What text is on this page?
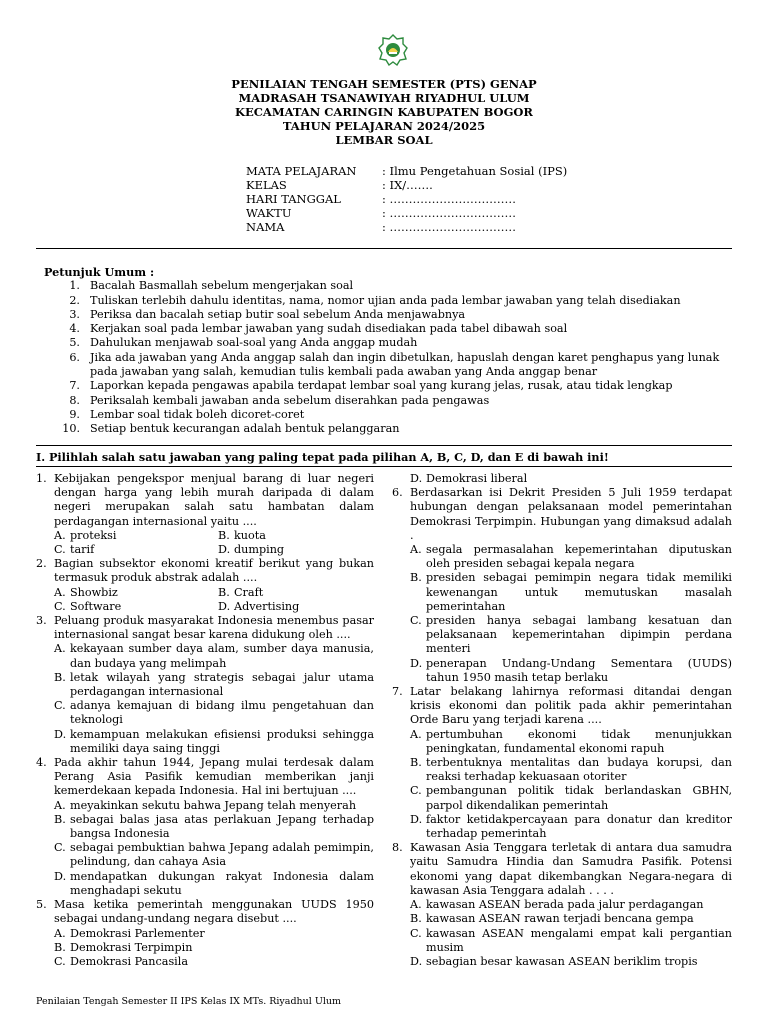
PENILAIAN TENGAH SEMESTER (PTS) GENAP
MADRASAH TSANAWIYAH RIYADHUL ULUM
KECAMATAN CARINGIN KABUPATEN BOGOR
TAHUN PELAJARAN 2024/2025
LEMBAR SOAL
MATA PELAJARAN	: Ilmu Pengetahuan Sosial (IPS)
KELAS	: IX/…….
HARI TANGGAL	: ……………………………
WAKTU	: ……………………………
NAMA	: ……………………………
Petunjuk Umum :
1. Bacalah Basmallah sebelum mengerjakan soal
2. Tuliskan terlebih dahulu identitas, nama, nomor ujian anda pada lembar jawaban yang telah disediakan
3. Periksa dan bacalah setiap butir soal sebelum Anda menjawabnya
4. Kerjakan soal pada lembar jawaban yang sudah disediakan pada tabel dibawah soal
5. Dahulukan menjawab soal-soal yang Anda anggap mudah
6. Jika ada jawaban yang Anda anggap salah dan ingin dibetulkan, hapuslah dengan karet penghapus yang lunak pada jawaban yang salah, kemudian tulis kembali pada awaban yang Anda anggap benar
7. Laporkan kepada pengawas apabila terdapat lembar soal yang kurang jelas, rusak, atau tidak lengkap
8. Periksalah kembali jawaban anda sebelum diserahkan pada pengawas
9. Lembar soal tidak boleh dicoret-coret
10. Setiap bentuk kecurangan adalah bentuk pelanggaran
I. Pilihlah salah satu jawaban yang paling tepat pada pilihan A, B, C, D, dan E di bawah ini!
1. Kebijakan pengekspor menjual barang di luar negeri dengan harga yang lebih murah daripada di dalam negeri merupakan salah satu hambatan dalam perdagangan internasional yaitu ....
A. proteksi	B. kuota
C. tarif	D. dumping
2. Bagian subsektor ekonomi kreatif berikut yang bukan termasuk produk abstrak adalah ....
A. Showbiz	B. Craft
C. Software	D. Advertising
3. Peluang produk masyarakat Indonesia menembus pasar internasional sangat besar karena didukung oleh ....
A. kekayaan sumber daya alam, sumber daya manusia, dan budaya yang melimpah
B. letak wilayah yang strategis sebagai jalur utama perdagangan internasional
C. adanya kemajuan di bidang ilmu pengetahuan dan teknologi
D. kemampuan melakukan efisiensi produksi sehingga memiliki daya saing tinggi
4. Pada akhir tahun 1944, Jepang mulai terdesak dalam Perang Asia Pasifik kemudian memberikan janji kemerdekaan kepada Indonesia. Hal ini bertujuan ....
A. meyakinkan sekutu bahwa Jepang telah menyerah
B. sebagai balas jasa atas perlakuan Jepang terhadap bangsa Indonesia
C. sebagai pembuktian bahwa Jepang adalah pemimpin, pelindung, dan cahaya Asia
D. mendapatkan dukungan rakyat Indonesia dalam menghadapi sekutu
5. Masa ketika pemerintah menggunakan UUDS 1950 sebagai undang-undang negara disebut ....
A. Demokrasi Parlementer
B. Demokrasi Terpimpin
C. Demokrasi Pancasila
D. Demokrasi liberal
6. Berdasarkan isi Dekrit Presiden 5 Juli 1959 terdapat hubungan dengan pelaksanaan model pemerintahan Demokrasi Terpimpin. Hubungan yang dimaksud adalah .
A. segala permasalahan kepemerintahan diputuskan oleh presiden sebagai kepala negara
B. presiden sebagai pemimpin negara tidak memiliki kewenangan untuk memutuskan masalah pemerintahan
C. presiden hanya sebagai lambang kesatuan dan pelaksanaan kepemerintahan dipimpin perdana menteri
D. penerapan Undang-Undang Sementara (UUDS) tahun 1950 masih tetap berlaku
7. Latar belakang lahirnya reformasi ditandai dengan krisis ekonomi dan politik pada akhir pemerintahan Orde Baru yang terjadi karena ....
A. pertumbuhan ekonomi tidak menunjukkan peningkatan, fundamental ekonomi rapuh
B. terbentuknya mentalitas dan budaya korupsi, dan reaksi terhadap kekuasaan otoriter
C. pembangunan politik tidak berlandaskan GBHN, parpol dikendalikan pemerintah
D. faktor ketidakpercayaan para donatur dan kreditor terhadap pemerintah
8. Kawasan Asia Tenggara terletak di antara dua samudra yaitu Samudra Hindia dan Samudra Pasifik. Potensi ekonomi yang dapat dikembangkan Negara-negara di kawasan Asia Tenggara adalah . . . .
A. kawasan ASEAN berada pada jalur perdagangan
B. kawasan ASEAN rawan terjadi bencana gempa
C. kawasan ASEAN mengalami empat kali pergantian musim
D. sebagian besar kawasan ASEAN beriklim tropis
Penilaian Tengah Semester II IPS Kelas IX MTs. Riyadhul Ulum
